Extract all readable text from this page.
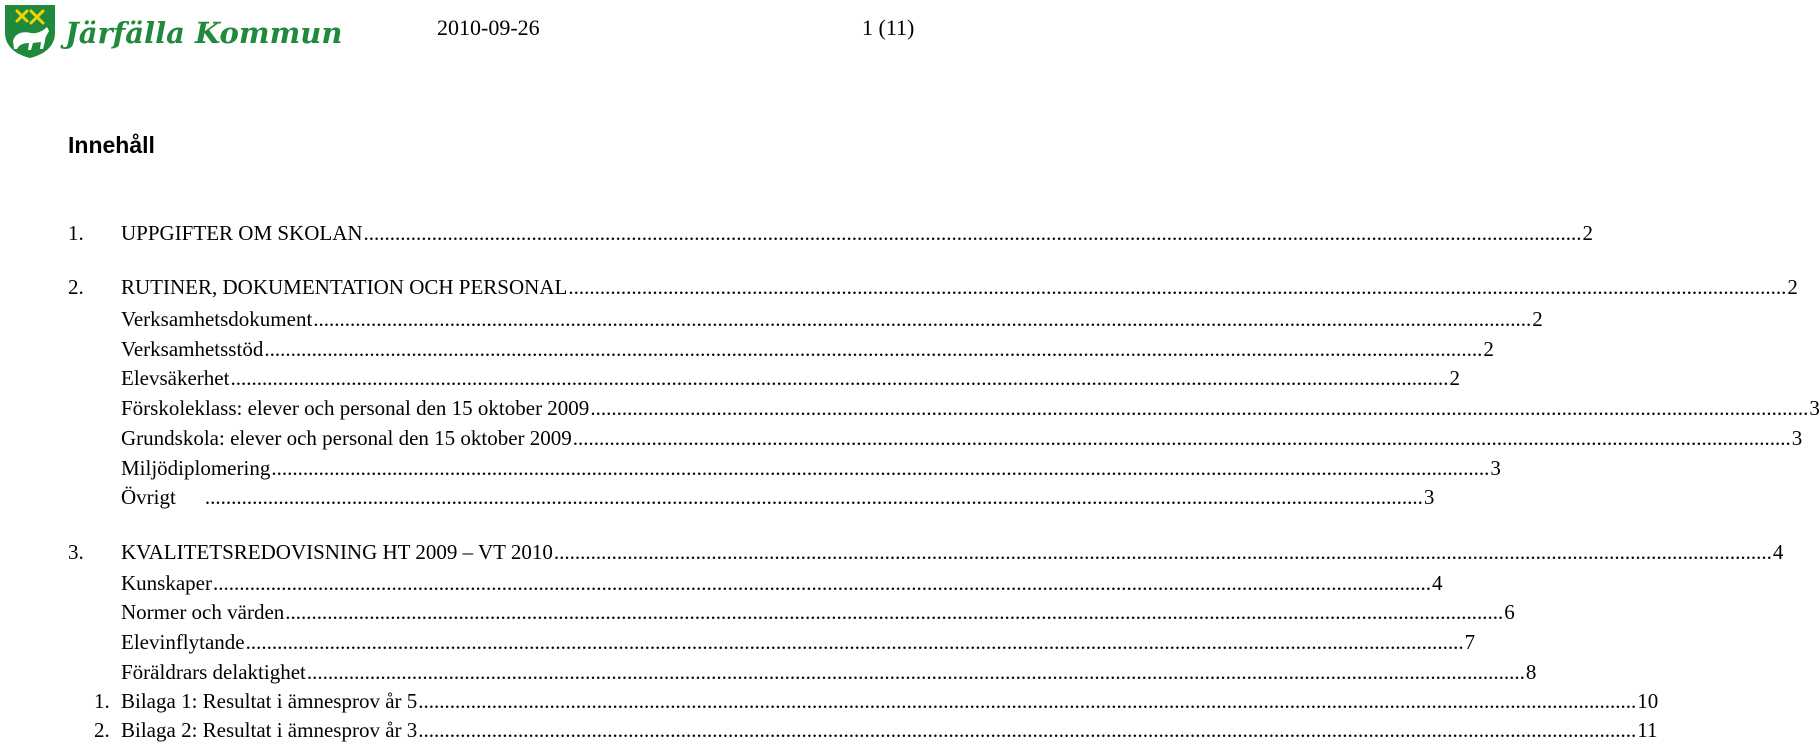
Järfälla Kommun	2010-09-26	1 (11)
Innehåll
1. UPPGIFTER OM SKOLAN .....	2
2. RUTINER, DOKUMENTATION OCH PERSONAL .....	2
Verksamhetsdokument .....	2
Verksamhetsstöd .....	2
Elevsäkerhet .....	2
Förskoleklass: elever och personal den 15 oktober 2009 .....	3
Grundskola: elever och personal den 15 oktober 2009 .....	3
Miljödiplomering .....	3
Övrigt .....	3
3. KVALITETSREDOVISNING HT 2009 – VT 2010 .....	4
Kunskaper .....	4
Normer och värden .....	6
Elevinflytande .....	7
Föräldrars delaktighet .....	8
1. Bilaga 1: Resultat i ämnesprov år 5 .....	10
2. Bilaga 2: Resultat i ämnesprov år 3 .....	11
